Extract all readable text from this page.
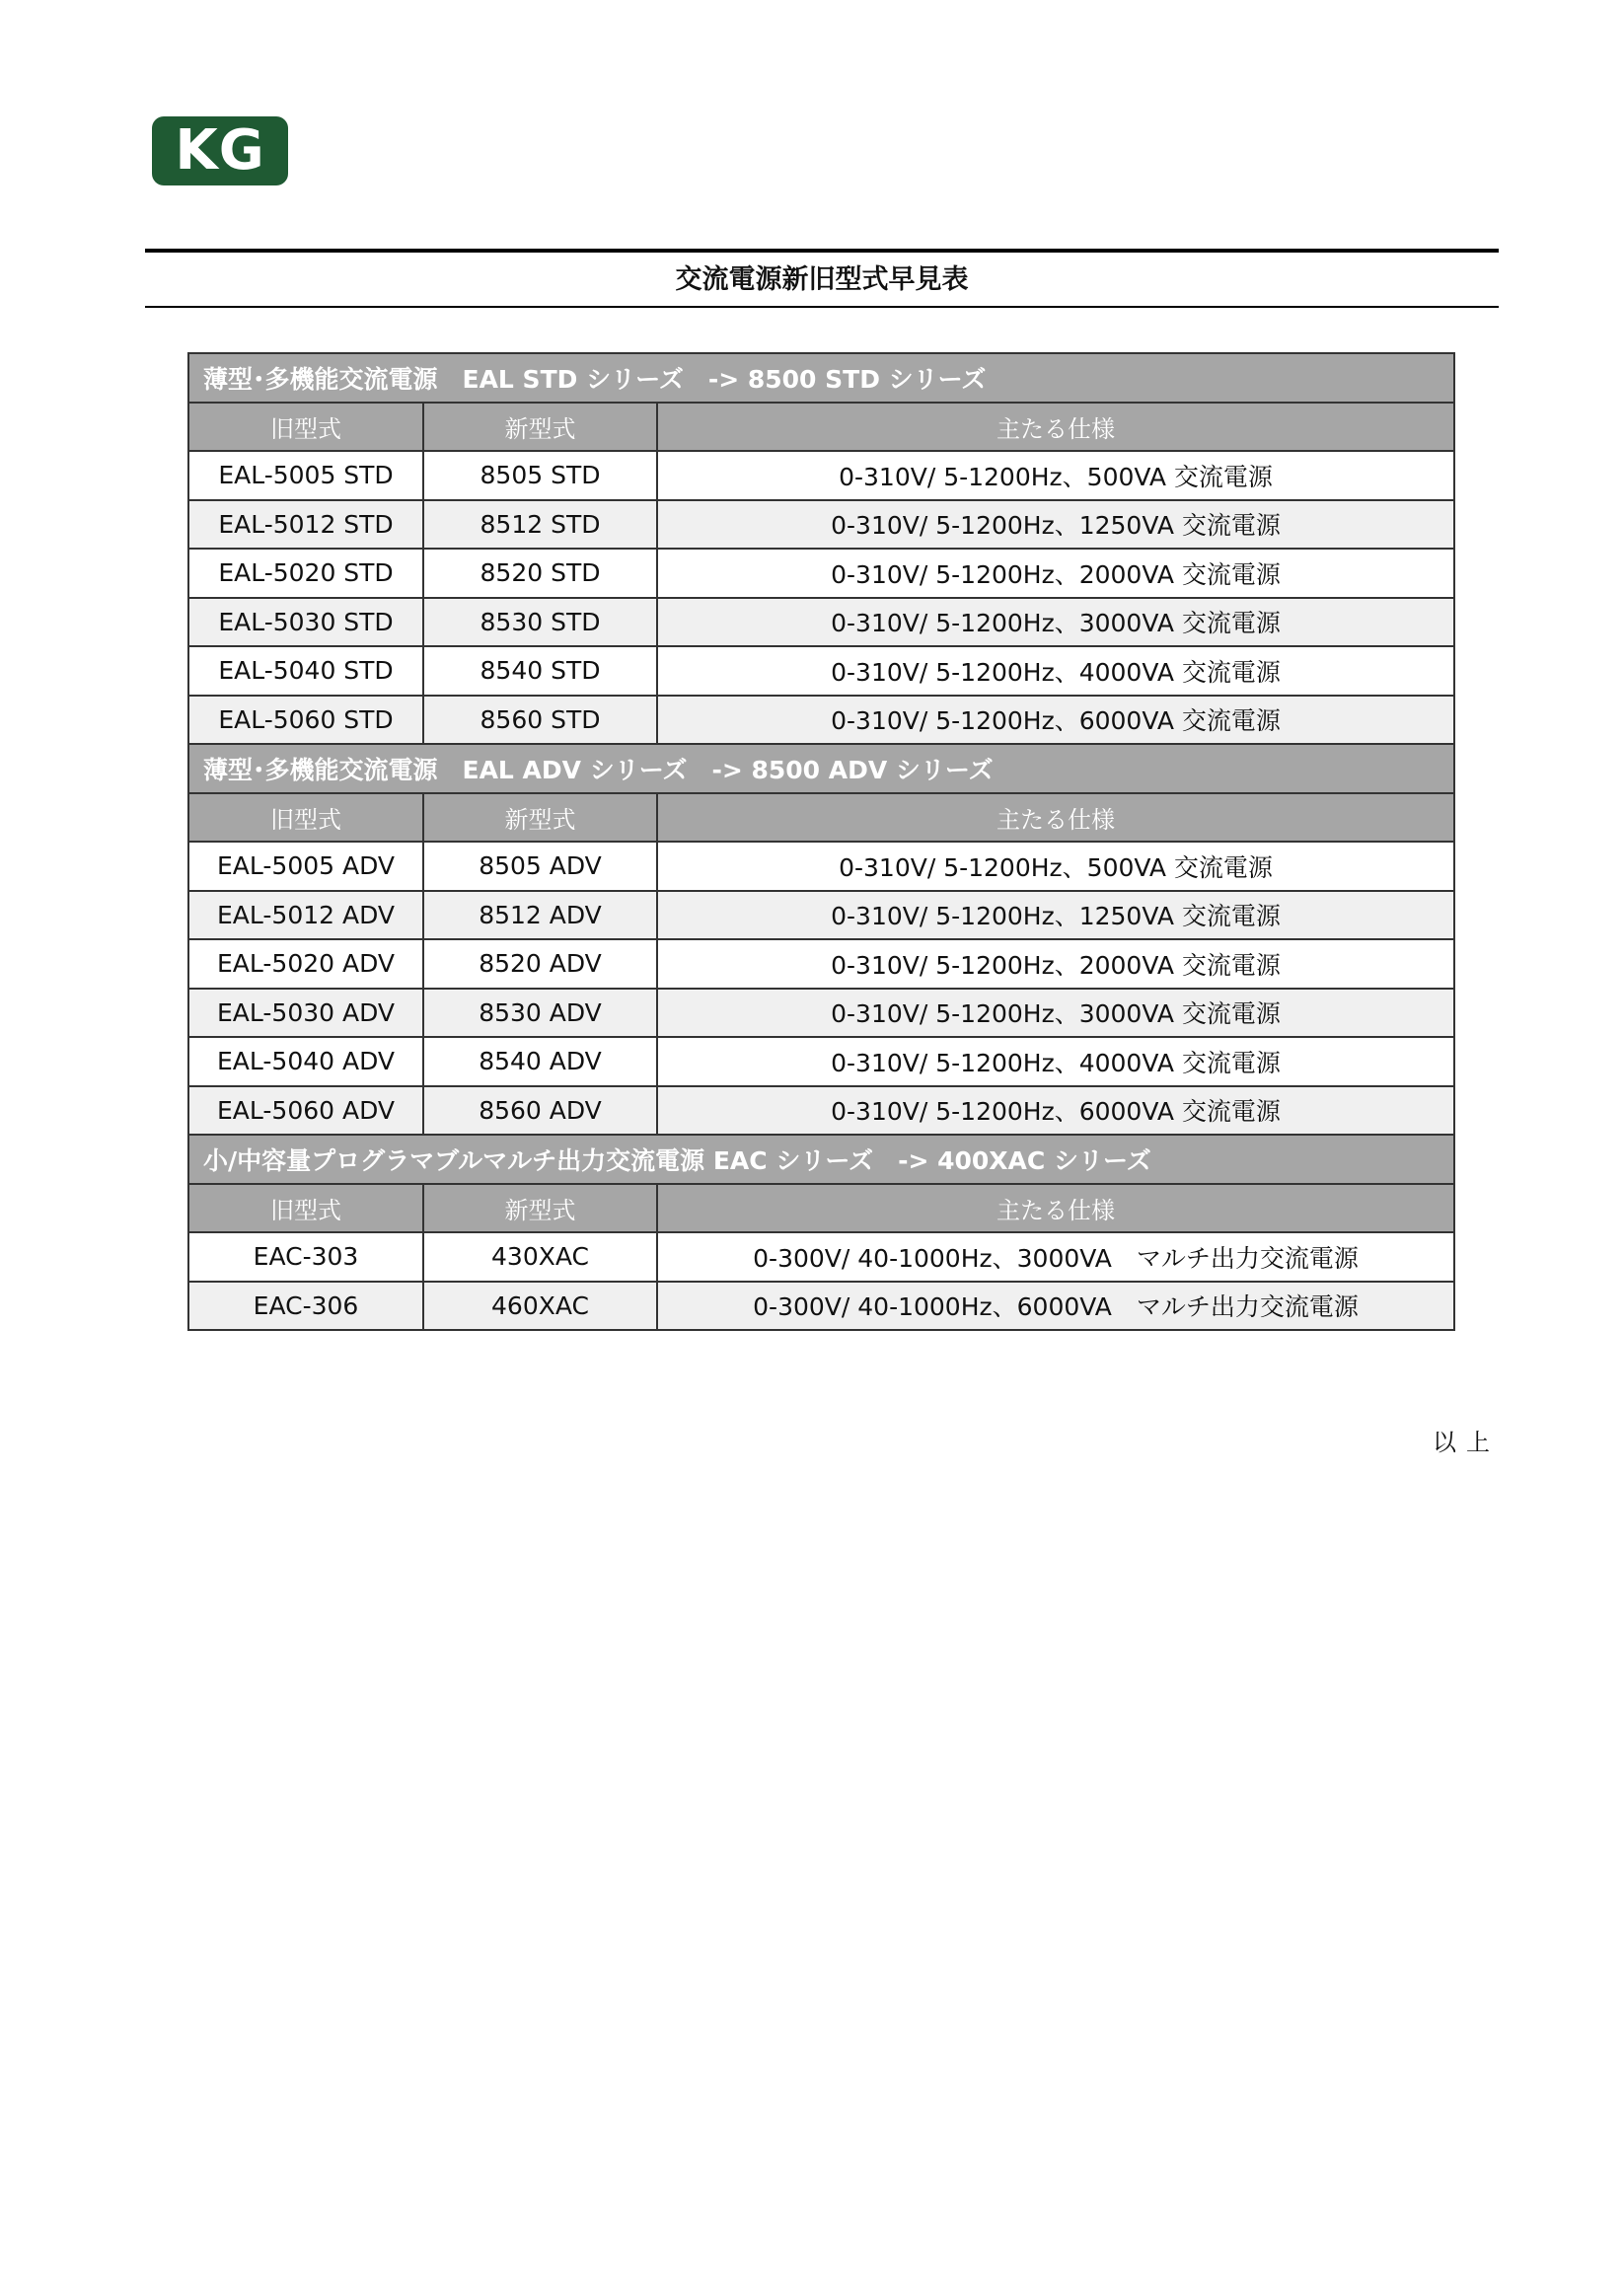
KG
交流電源新旧型式早見表
薄型･多機能交流電源　EAL STD シリーズ　-> 8500 STD シリーズ		
旧型式	新型式	主たる仕様
EAL-5005 STD	8505 STD	0-310V/ 5-1200Hz、500VA 交流電源
EAL-5012 STD	8512 STD	0-310V/ 5-1200Hz、1250VA 交流電源
EAL-5020 STD	8520 STD	0-310V/ 5-1200Hz、2000VA 交流電源
EAL-5030 STD	8530 STD	0-310V/ 5-1200Hz、3000VA 交流電源
EAL-5040 STD	8540 STD	0-310V/ 5-1200Hz、4000VA 交流電源
EAL-5060 STD	8560 STD	0-310V/ 5-1200Hz、6000VA 交流電源
薄型･多機能交流電源　EAL ADV シリーズ　-> 8500 ADV シリーズ		
旧型式	新型式	主たる仕様
EAL-5005 ADV	8505 ADV	0-310V/ 5-1200Hz、500VA 交流電源
EAL-5012 ADV	8512 ADV	0-310V/ 5-1200Hz、1250VA 交流電源
EAL-5020 ADV	8520 ADV	0-310V/ 5-1200Hz、2000VA 交流電源
EAL-5030 ADV	8530 ADV	0-310V/ 5-1200Hz、3000VA 交流電源
EAL-5040 ADV	8540 ADV	0-310V/ 5-1200Hz、4000VA 交流電源
EAL-5060 ADV	8560 ADV	0-310V/ 5-1200Hz、6000VA 交流電源
小/中容量プログラマブルマルチ出力交流電源 EAC シリーズ　-> 400XAC シリーズ		
旧型式	新型式	主たる仕様
EAC-303	430XAC	0-300V/ 40-1000Hz、3000VA　マルチ出力交流電源
EAC-306	460XAC	0-300V/ 40-1000Hz、6000VA　マルチ出力交流電源
以上
